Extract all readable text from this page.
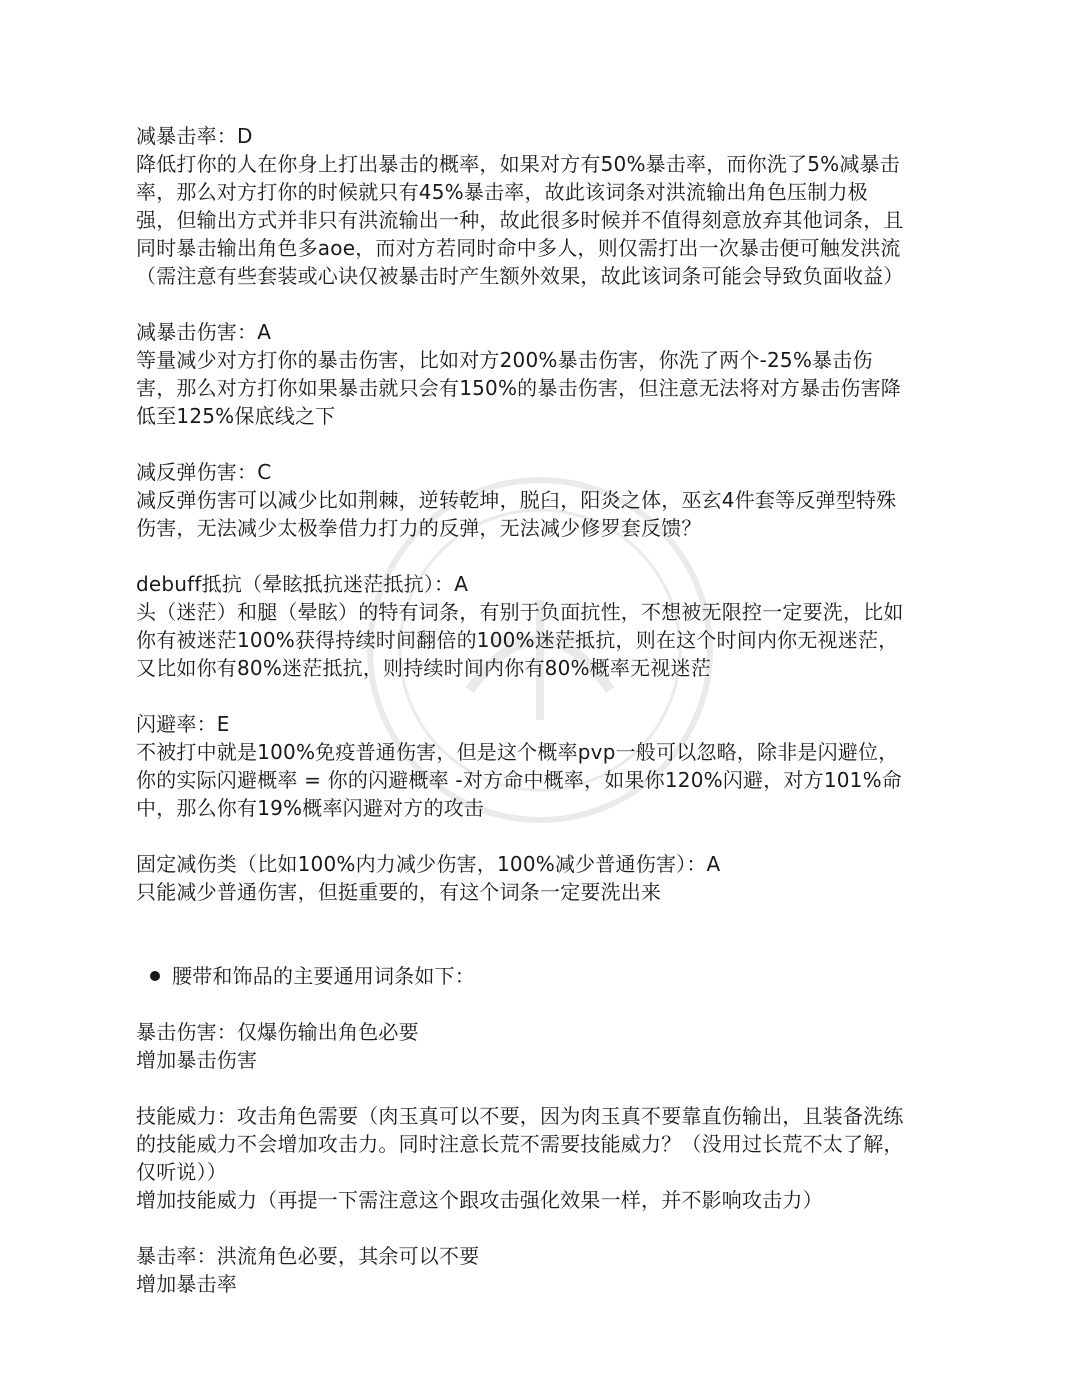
减暴击率：D
降低打你的人在你身上打出暴击的概率，如果对方有50%暴击率，而你洗了5%减暴击
率，那么对方打你的时候就只有45%暴击率，故此该词条对洪流输出角色压制力极
强，但输出方式并非只有洪流输出一种，故此很多时候并不值得刻意放弃其他词条，且
同时暴击输出角色多aoe，而对方若同时命中多人，则仅需打出一次暴击便可触发洪流
（需注意有些套装或心诀仅被暴击时产生额外效果，故此该词条可能会导致负面收益）
减暴击伤害：A
等量减少对方打你的暴击伤害，比如对方200%暴击伤害，你洗了两个-25%暴击伤
害，那么对方打你如果暴击就只会有150%的暴击伤害，但注意无法将对方暴击伤害降
低至125%保底线之下
减反弹伤害：C
减反弹伤害可以减少比如荆棘，逆转乾坤，脱臼，阳炎之体，巫玄4件套等反弹型特殊
伤害，无法减少太极拳借力打力的反弹，无法减少修罗套反馈？
debuff抵抗（晕眩抵抗迷茫抵抗）：A
头（迷茫）和腿（晕眩）的特有词条，有别于负面抗性，不想被无限控一定要洗，比如
你有被迷茫100%获得持续时间翻倍的100%迷茫抵抗，则在这个时间内你无视迷茫，
又比如你有80%迷茫抵抗，则持续时间内你有80%概率无视迷茫
闪避率：E
不被打中就是100%免疫普通伤害，但是这个概率pvp一般可以忽略，除非是闪避位，
你的实际闪避概率 = 你的闪避概率 -对方命中概率，如果你120%闪避，对方101%命
中，那么你有19%概率闪避对方的攻击
固定减伤类（比如100%内力减少伤害，100%减少普通伤害）：A
只能减少普通伤害，但挺重要的，有这个词条一定要洗出来
腰带和饰品的主要通用词条如下：
暴击伤害：仅爆伤输出角色必要
增加暴击伤害
技能威力：攻击角色需要（肉玉真可以不要，因为肉玉真不要靠直伤输出，且装备洗练
的技能威力不会增加攻击力。同时注意长荒不需要技能威力？（没用过长荒不太了解，
仅听说））
增加技能威力（再提一下需注意这个跟攻击强化效果一样，并不影响攻击力）
暴击率：洪流角色必要，其余可以不要
增加暴击率
